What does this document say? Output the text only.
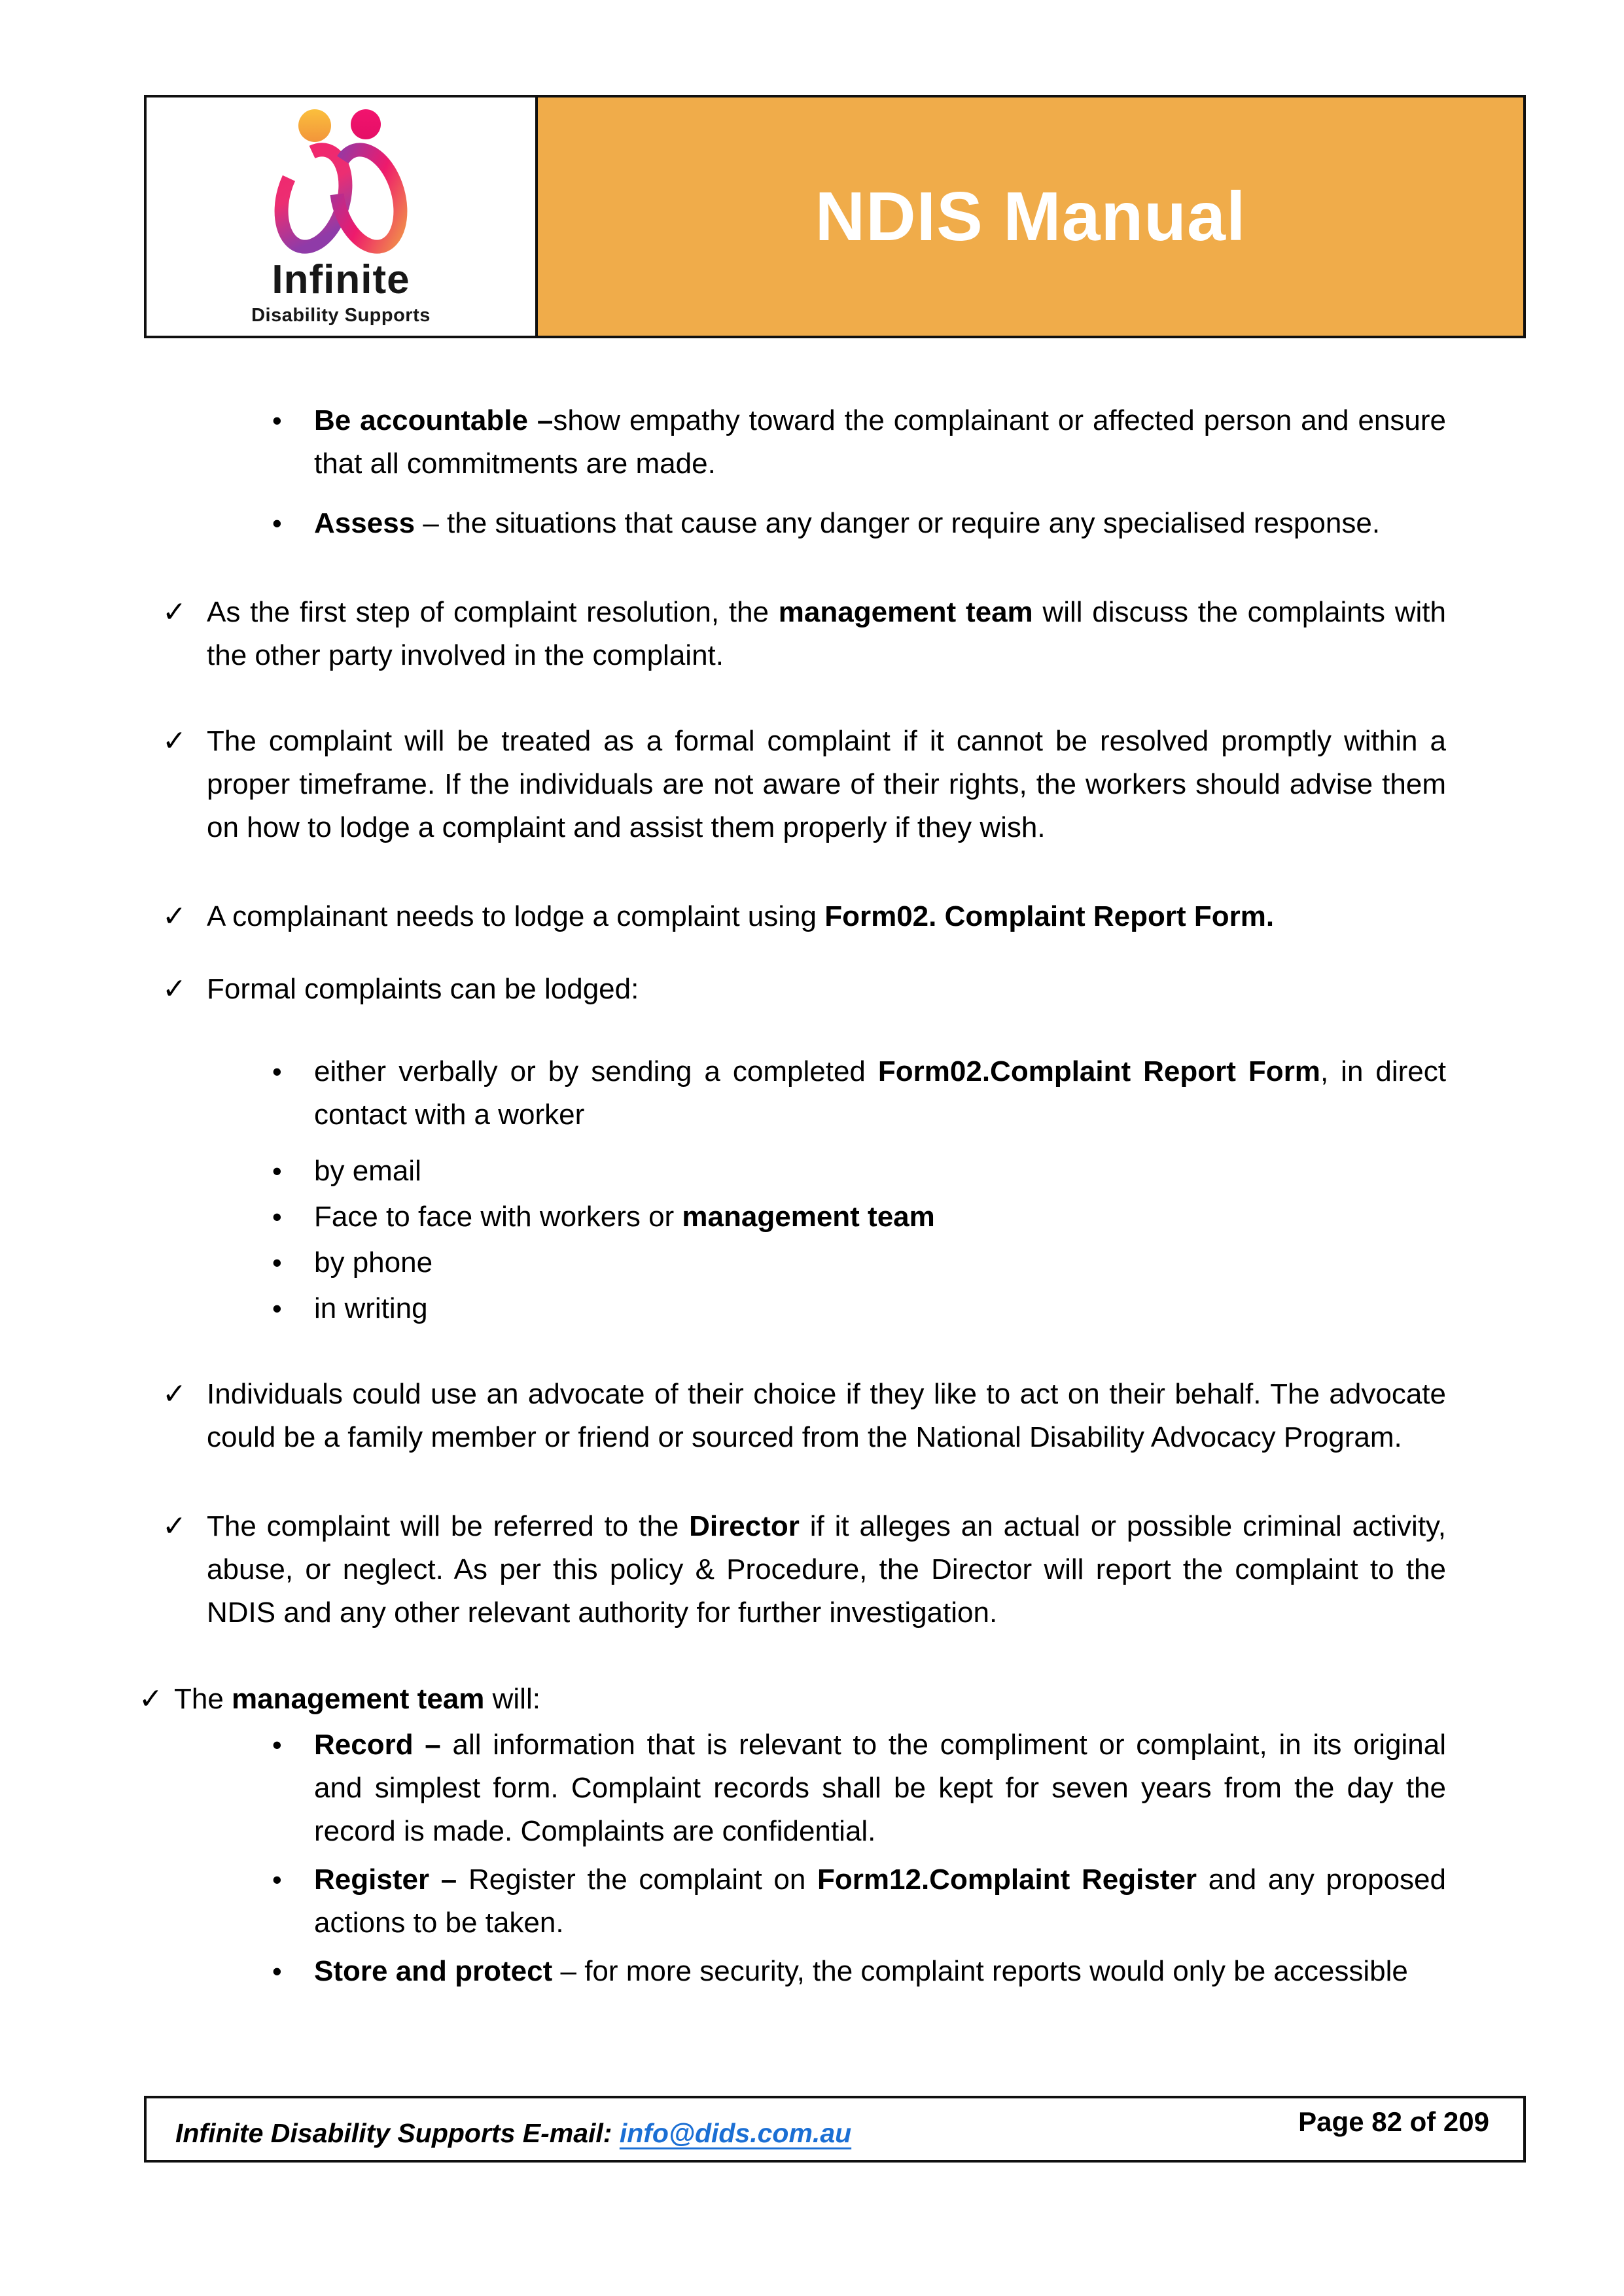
Infinite
Disability Supports
NDIS Manual
• Be accountable –show empathy toward the complainant or affected person and ensure that all commitments are made.
• Assess – the situations that cause any danger or require any specialised response.
✓ As the first step of complaint resolution, the management team will discuss the complaints with the other party involved in the complaint.
✓ The complaint will be treated as a formal complaint if it cannot be resolved promptly within a proper timeframe. If the individuals are not aware of their rights, the workers should advise them on how to lodge a complaint and assist them properly if they wish.
✓ A complainant needs to lodge a complaint using Form02. Complaint Report Form.
✓ Formal complaints can be lodged:
• either verbally or by sending a completed Form02.Complaint Report Form, in direct contact with a worker
• by email
• Face to face with workers or management team
• by phone
• in writing
✓ Individuals could use an advocate of their choice if they like to act on their behalf. The advocate could be a family member or friend or sourced from the National Disability Advocacy Program.
✓ The complaint will be referred to the Director if it alleges an actual or possible criminal activity, abuse, or neglect. As per this policy & Procedure, the Director will report the complaint to the NDIS and any other relevant authority for further investigation.
✓ The management team will:
• Record – all information that is relevant to the compliment or complaint, in its original and simplest form. Complaint records shall be kept for seven years from the day the record is made. Complaints are confidential.
• Register – Register the complaint on Form12.Complaint Register and any proposed actions to be taken.
• Store and protect – for more security, the complaint reports would only be accessible
Infinite Disability Supports E-mail: info@dids.com.au	Page 82 of 209
